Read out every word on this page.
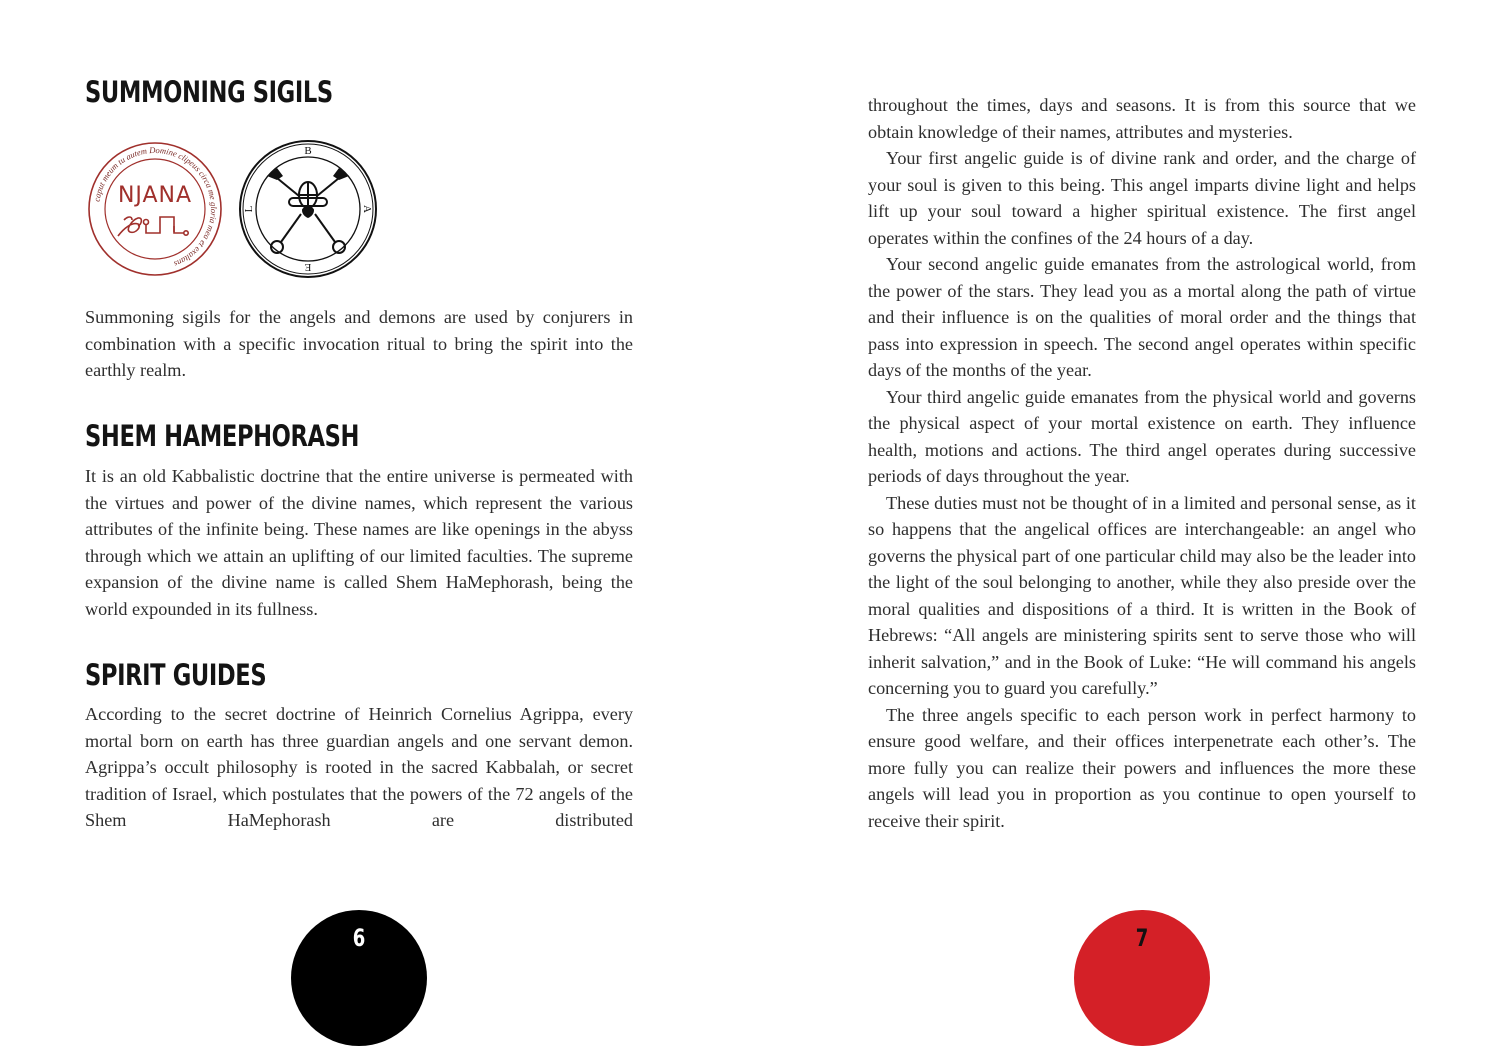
SUMMONING SIGILS
caput meum tu autem Domine clipeus circa me gloria mea et exaltans
NJANA
B
A
E
L

Summoning sigils for the angels and demons are used by conjurers in combination with a specific invocation ritual to bring the spirit into the earthly realm.

SHEM HAMEPHORASH

It is an old Kabbalistic doctrine that the entire universe is permeated with the virtues and power of the divine names, which represent the various attributes of the infinite being. These names are like openings in the abyss through which we attain an uplifting of our limited faculties. The supreme expansion of the divine name is called Shem HaMephorash, being the world expounded in its fullness.

SPIRIT GUIDES

According to the secret doctrine of Heinrich Cornelius Agrippa, every mortal born on earth has three guardian angels and one servant demon. Agrippa’s occult philosophy is rooted in the sacred Kabbalah, or secret tradition of Israel, which postulates that the powers of the 72 angels of the Shem HaMephorash are distributed

6

throughout the times, days and seasons. It is from this source that we obtain knowledge of their names, attributes and mysteries.

Your first angelic guide is of divine rank and order, and the charge of your soul is given to this being. This angel imparts divine light and helps lift up your soul toward a higher spiritual existence. The first angel operates within the confines of the 24 hours of a day.

Your second angelic guide emanates from the astrological world, from the power of the stars. They lead you as a mortal along the path of virtue and their influence is on the qualities of moral order and the things that pass into expression in speech. The second angel operates within specific days of the months of the year.

Your third angelic guide emanates from the physical world and governs the physical aspect of your mortal existence on earth. They influence health, motions and actions. The third angel operates during successive periods of days throughout the year.

These duties must not be thought of in a limited and personal sense, as it so happens that the angelical offices are interchangeable: an angel who governs the physical part of one particular child may also be the leader into the light of the soul belonging to another, while they also preside over the moral qualities and dispositions of a third. It is written in the Book of Hebrews: “All angels are ministering spirits sent to serve those who will inherit salvation,” and in the Book of Luke: “He will command his angels concerning you to guard you carefully.”

The three angels specific to each person work in perfect harmony to ensure good welfare, and their offices interpenetrate each other’s. The more fully you can realize their powers and influences the more these angels will lead you in proportion as you continue to open yourself to receive their spirit.

7
